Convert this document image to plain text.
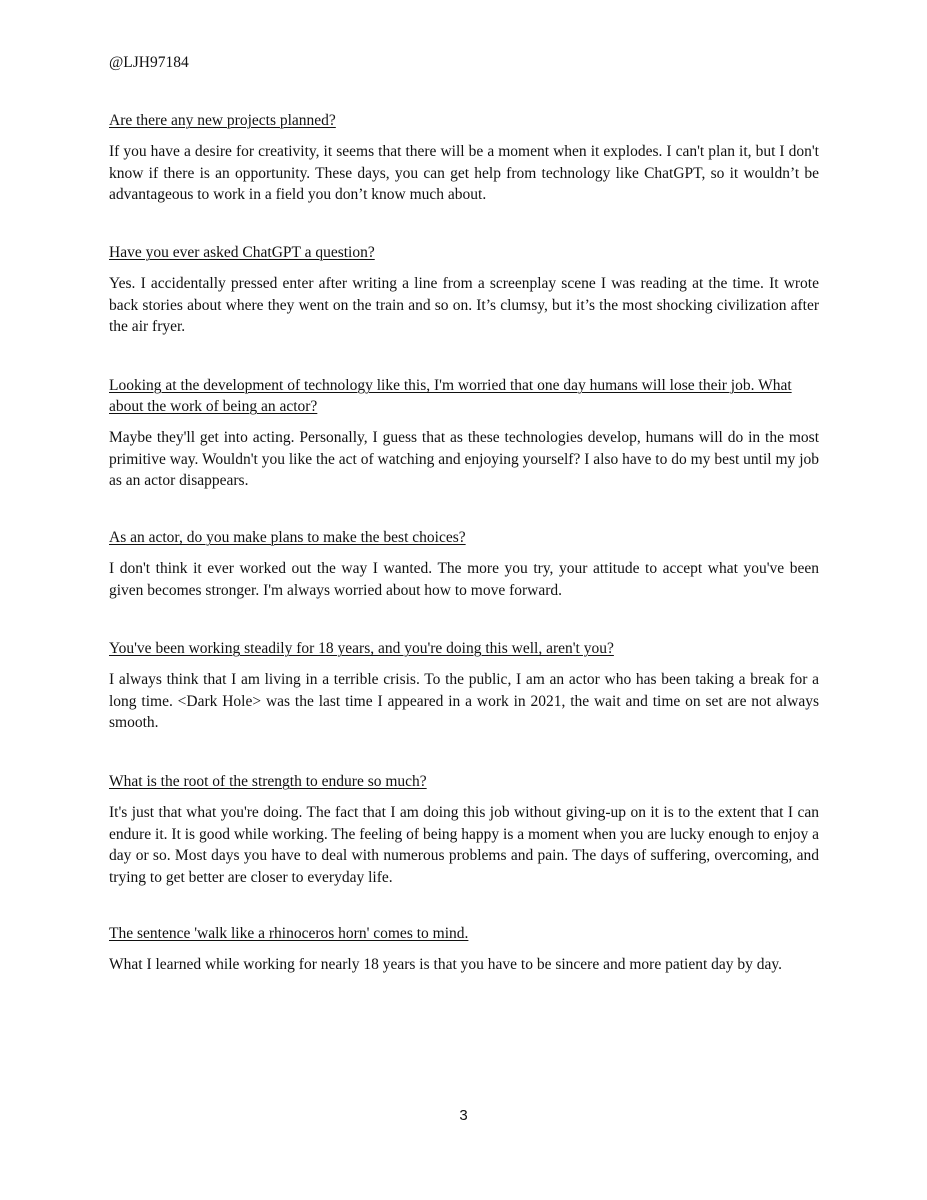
@LJH97184

Are there any new projects planned?

If you have a desire for creativity, it seems that there will be a moment when it explodes. I can't plan it, but I don't know if there is an opportunity. These days, you can get help from technology like ChatGPT, so it wouldn’t be advantageous to work in a field you don’t know much about.

Have you ever asked ChatGPT a question?

Yes. I accidentally pressed enter after writing a line from a screenplay scene I was reading at the time. It wrote back stories about where they went on the train and so on. It’s clumsy, but it’s the most shocking civilization after the air fryer.

Looking at the development of technology like this, I'm worried that one day humans will lose their job. What about the work of being an actor?

Maybe they'll get into acting. Personally, I guess that as these technologies develop, humans will do in the most primitive way. Wouldn't you like the act of watching and enjoying yourself? I also have to do my best until my job as an actor disappears.

As an actor, do you make plans to make the best choices?

I don't think it ever worked out the way I wanted. The more you try, your attitude to accept what you've been given becomes stronger. I'm always worried about how to move forward.

You've been working steadily for 18 years, and you're doing this well, aren't you?

I always think that I am living in a terrible crisis. To the public, I am an actor who has been taking a break for a long time. <Dark Hole> was the last time I appeared in a work in 2021, the wait and time on set are not always smooth.

What is the root of the strength to endure so much?

It's just that what you're doing. The fact that I am doing this job without giving-up on it is to the extent that I can endure it. It is good while working. The feeling of being happy is a moment when you are lucky enough to enjoy a day or so. Most days you have to deal with numerous problems and pain. The days of suffering, overcoming, and trying to get better are closer to everyday life.

The sentence 'walk like a rhinoceros horn' comes to mind.

What I learned while working for nearly 18 years is that you have to be sincere and more patient day by day.

3
